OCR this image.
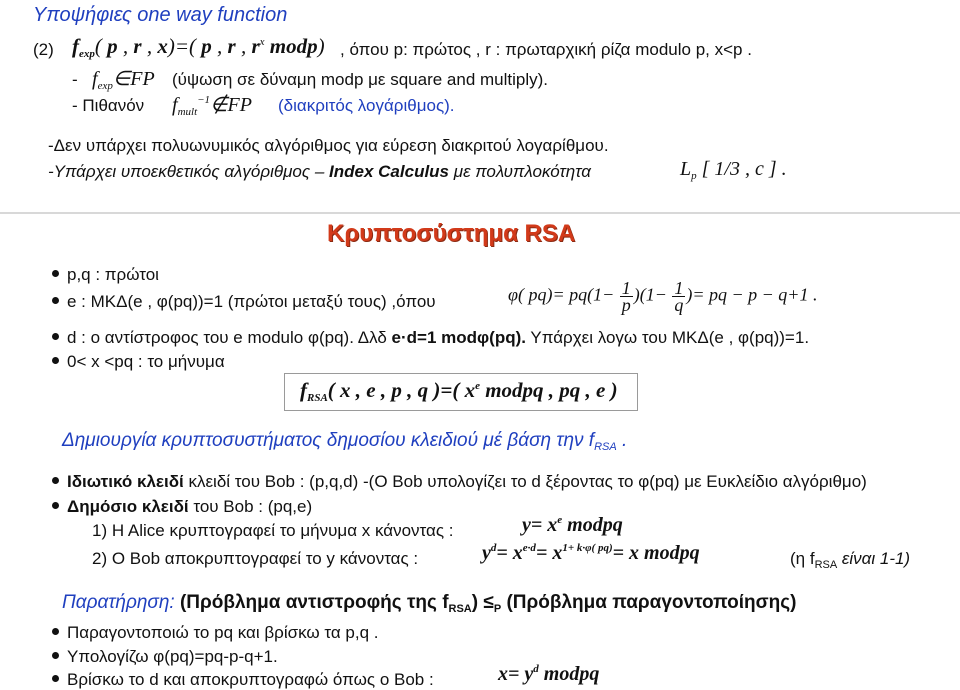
Υποψήφιες one way function
(2) $f_{exp}$( p , r , x)=( p , r , $r^x$ modp) , όπου p: πρώτος , r : πρωταρχική ρίζα modulo p, x<p .
- $f_{exp}\in FP$ (ύψωση σε δύναμη modp με square and multiply).
- Πιθανόν $f_{mult}^{-1}\notin FP$ (διακριτός λογάριθμος).
-Δεν υπάρχει πολυωνυμικός αλγόριθμος για εύρεση διακριτού λογαρίθμου.
-Υπάρχει υποεκθετικός αλγόριθμος – Index Calculus με πολυπλοκότητα	$L_p$ [ 1/3 , c ] .
Κρυπτοσύστημα RSA
p,q : πρώτοι
e : ΜΚΔ(e , φ(pq))=1 (πρώτοι μεταξύ τους) ,όπου	φ( $pq)= pq(1- \frac{1}{p} )(1- \frac{1}{q}$ )= pq − p − q+1 .
d : ο αντίστροφος του e modulo φ(pq). Δλδ e·d=1 modφ(pq). Υπάρχει λογω του ΜΚΔ(e , φ(pq))=1.
0< x <pq : το μήνυμα
$f_{RSA}$( x , e , p , q )=( $x^e$ modpq , pq , e )
Δημιουργία κρυπτοσυστήματος δημοσίου κλειδιού μέ βάση την $f_{RSA}$ .
Ιδιωτικό κλειδί κλειδί του Bob : (p,q,d) -(O Bob υπολογίζει το d ξέροντας το φ(pq) με Ευκλείδιο αλγόριθμο)
Δημόσιο κλειδί του Bob : (pq,e)
1) H Alice κρυπτογραφεί το μήνυμα x κάνοντας :	$y= x^e$ modpq
2) O Bob αποκρυπτογραφεί το y κάνοντας :	$y^d= x^{e\cdot d}= x^{1+ k\cdot\varphi( pq)}= x$ modpq	(η $f_{RSA}$ είναι 1-1)
Παρατήρηση: (Πρόβλημα αντιστροφής της $f_{RSA}) \le_P$ (Πρόβλημα παραγοντοποίησης)
Παραγοντοποιώ το pq και βρίσκω τα p,q .
Υπολογίζω φ(pq)=pq-p-q+1.
Βρίσκω το d και αποκρυπτογραφώ όπως ο Bob :	$x= y^d$ modpq
